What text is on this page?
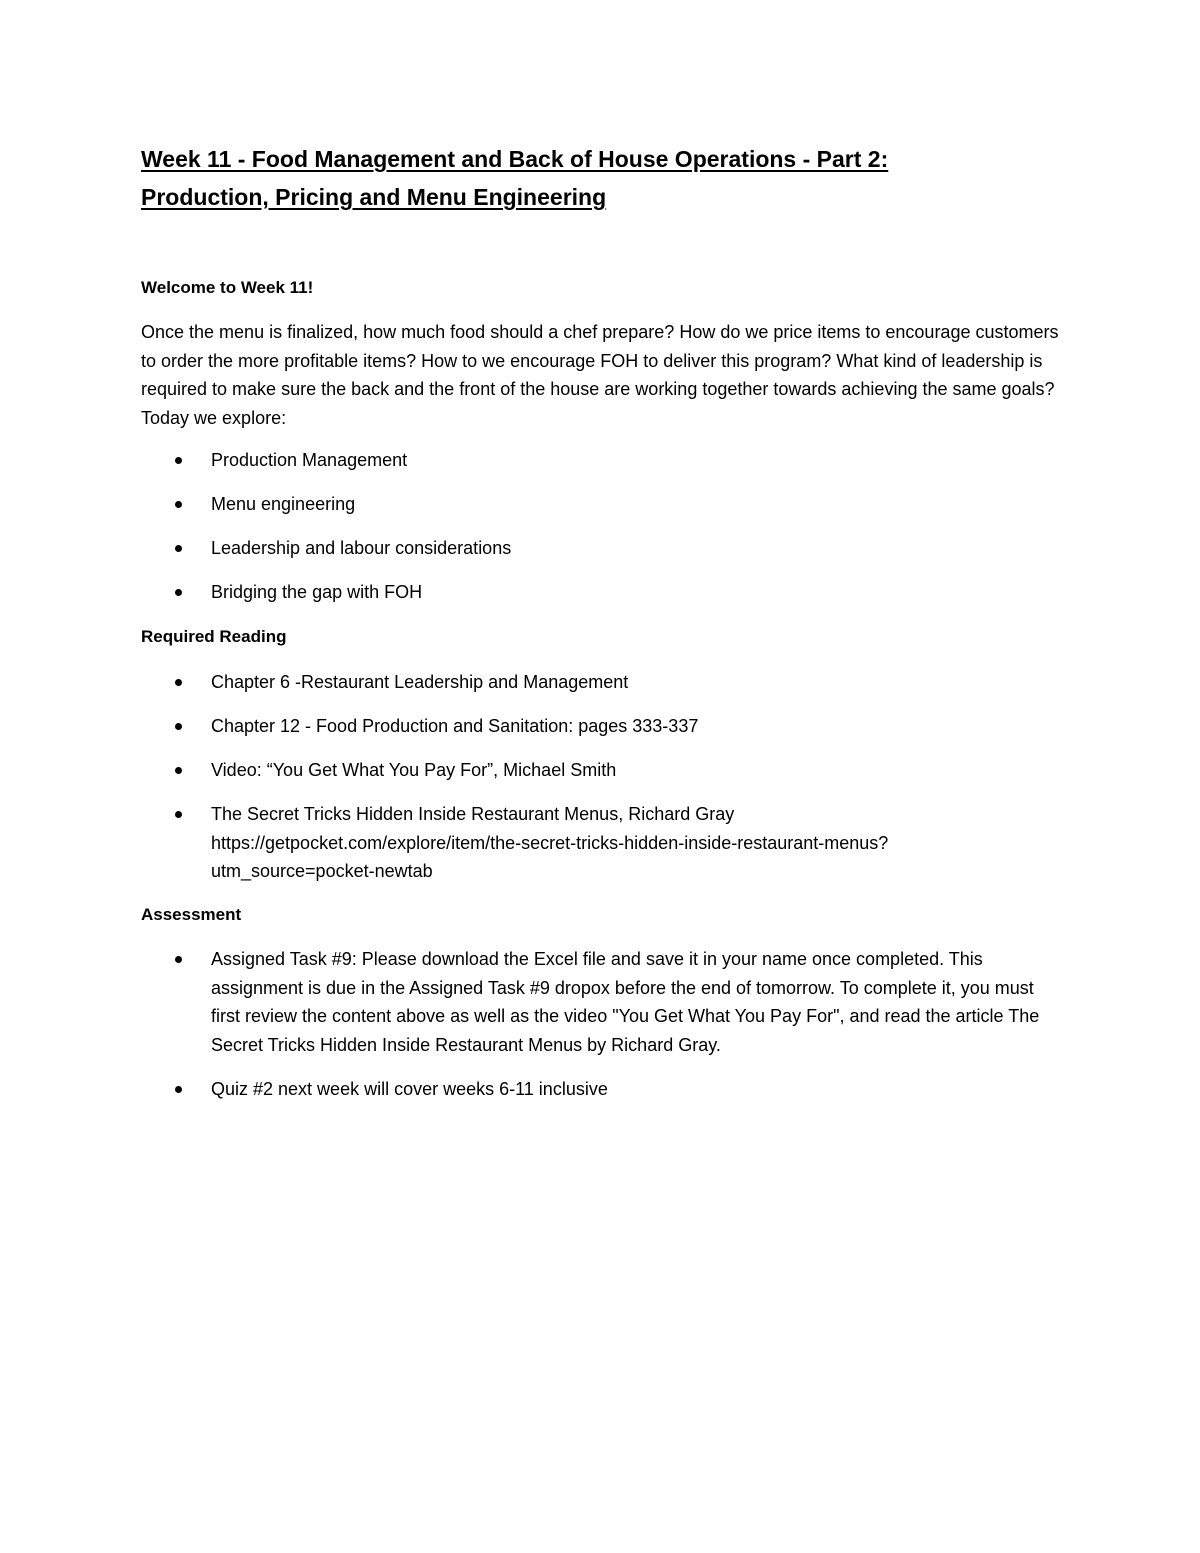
Week 11 - Food Management and Back of House Operations - Part 2:
Production, Pricing and Menu Engineering
Welcome to Week 11!

Once the menu is finalized, how much food should a chef prepare? How do we price items to encourage customers to order the more profitable items? How to we encourage FOH to deliver this program? What kind of leadership is required to make sure the back and the front of the house are working together towards achieving the same goals? Today we explore:

Production Management
Menu engineering
Leadership and labour considerations
Bridging the gap with FOH
Required Reading
Chapter 6 -Restaurant Leadership and Management
Chapter 12 - Food Production and Sanitation: pages 333-337
Video: “You Get What You Pay For”, Michael Smith
The Secret Tricks Hidden Inside Restaurant Menus, Richard Gray
https://getpocket.com/explore/item/the-secret-tricks-hidden-inside-restaurant-menus?
utm_source=pocket-newtab
Assessment
Assigned Task #9: Please download the Excel file and save it in your name once completed. This assignment is due in the Assigned Task #9 dropox before the end of tomorrow. To complete it, you must first review the content above as well as the video "You Get What You Pay For", and read the article The Secret Tricks Hidden Inside Restaurant Menus by Richard Gray.
Quiz #2 next week will cover weeks 6-11 inclusive
